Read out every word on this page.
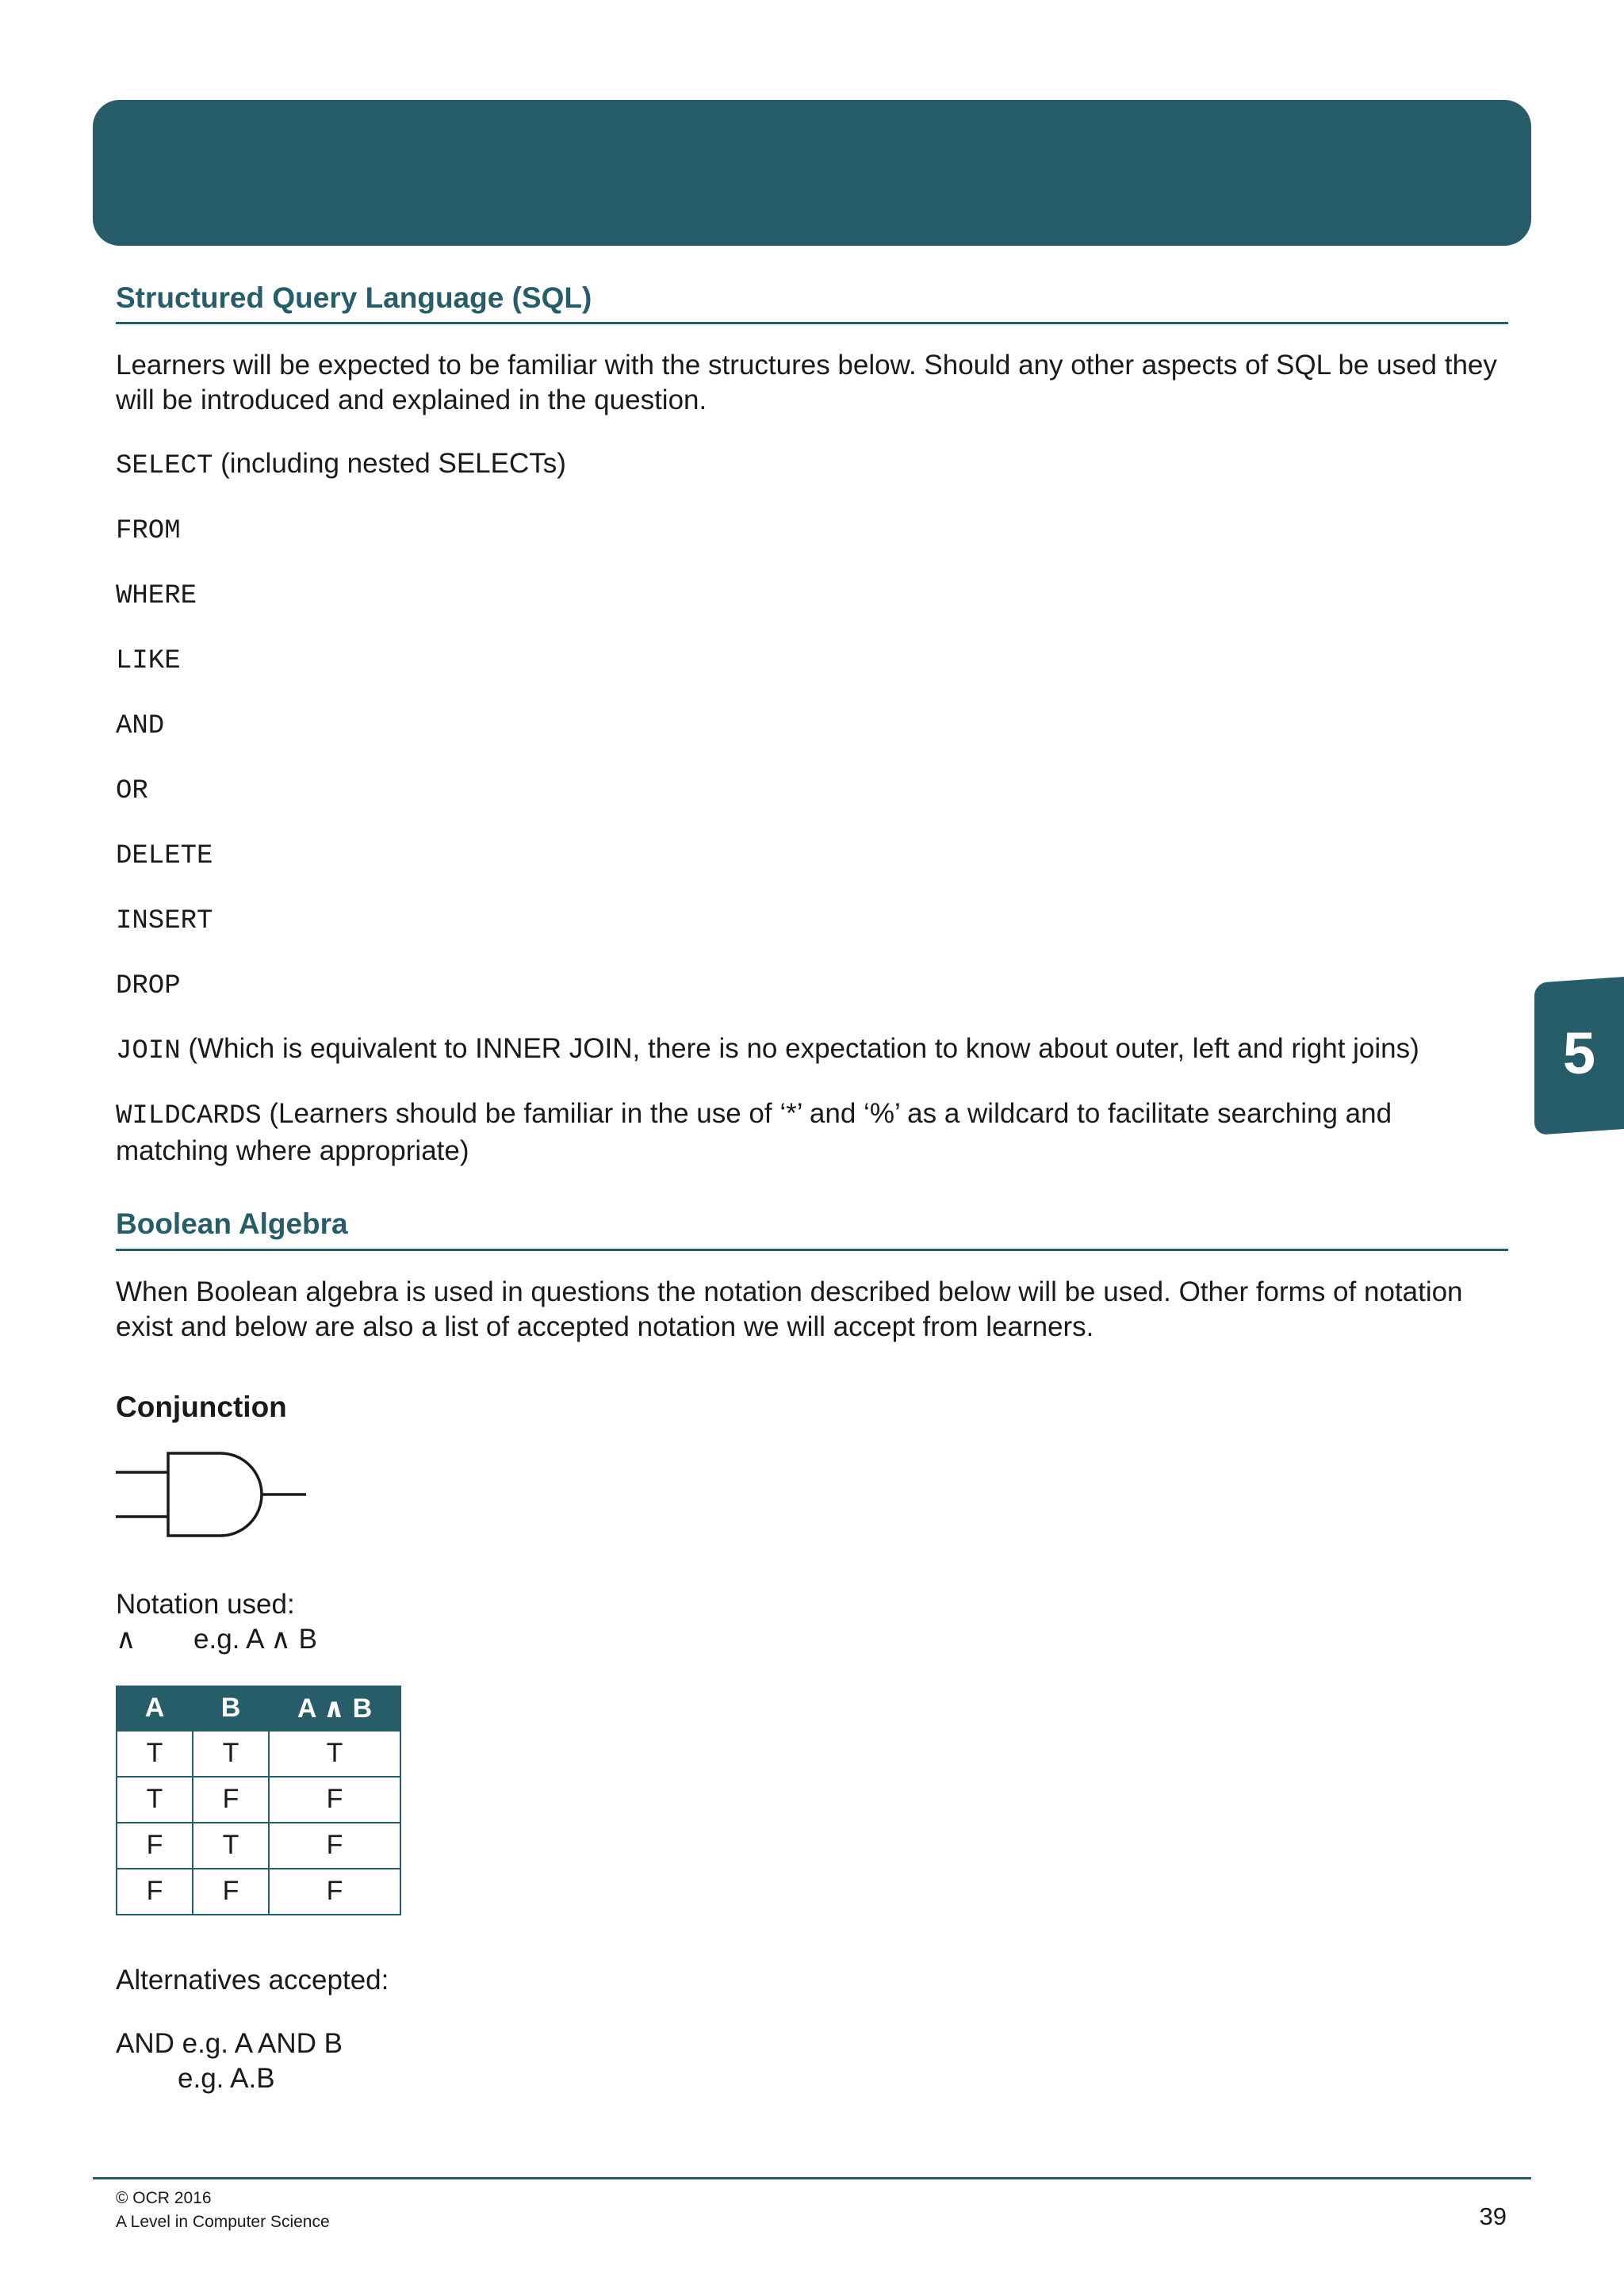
5
Structured Query Language (SQL)

Learners will be expected to be familiar with the structures below. Should any other aspects of SQL be used they will be introduced and explained in the question.

SELECT (including nested SELECTs)
FROM
WHERE
LIKE
AND
OR
DELETE
INSERT
DROP
JOIN (Which is equivalent to INNER JOIN, there is no expectation to know about outer, left and right joins)
WILDCARDS (Learners should be familiar in the use of ‘*’ and ‘%’ as a wildcard to facilitate searching and matching where appropriate)
Boolean Algebra

When Boolean algebra is used in questions the notation described below will be used. Other forms of notation exist and below are also a list of accepted notation we will accept from learners.

Conjunction
Notation used:
∧ e.g. A ∧ B
A	B	A ∧ B
T	T	T
T	F	F
F	T	F
F	F	F
Alternatives accepted:
AND e.g. A AND B
e.g. A.B
© OCR 2016
A Level in Computer Science	39
